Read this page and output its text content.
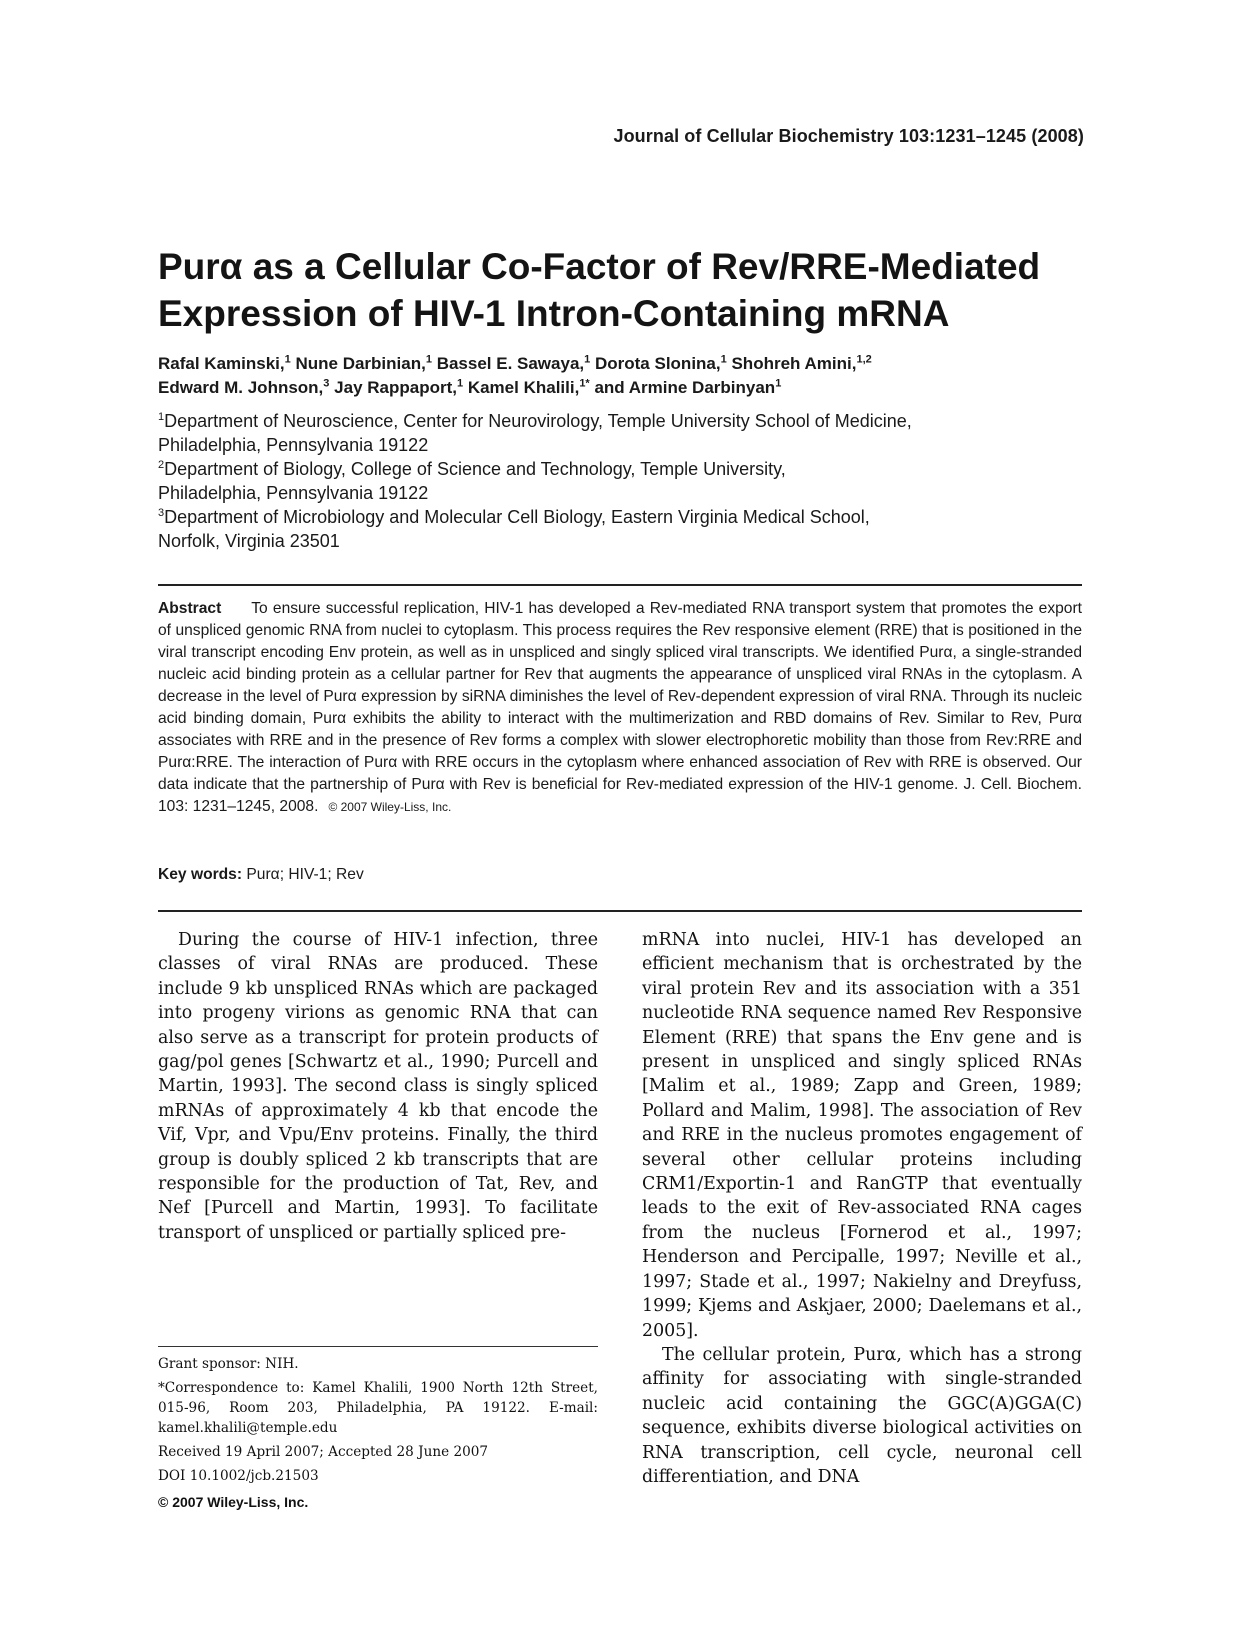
Journal of Cellular Biochemistry 103:1231–1245 (2008)
Purα as a Cellular Co-Factor of Rev/RRE-Mediated
Expression of HIV-1 Intron-Containing mRNA
Rafal Kaminski,$^1$ Nune Darbinian,$^1$ Bassel E. Sawaya,$^1$ Dorota Slonina,$^1$ Shohreh Amini,$^{1,2}$
Edward M. Johnson,$^3$ Jay Rappaport,$^1$ Kamel Khalili,$^{1*}$ and Armine Darbinyan$^1$

$^1$Department of Neuroscience, Center for Neurovirology, Temple University School of Medicine,

Philadelphia, Pennsylvania 19122

$^2$Department of Biology, College of Science and Technology, Temple University,

Philadelphia, Pennsylvania 19122

$^3$Department of Microbiology and Molecular Cell Biology, Eastern Virginia Medical School,

Norfolk, Virginia 23501

Abstract To ensure successful replication, HIV-1 has developed a Rev-mediated RNA transport system that promotes the export of unspliced genomic RNA from nuclei to cytoplasm. This process requires the Rev responsive element (RRE) that is positioned in the viral transcript encoding Env protein, as well as in unspliced and singly spliced viral transcripts. We identified Purα, a single-stranded nucleic acid binding protein as a cellular partner for Rev that augments the appearance of unspliced viral RNAs in the cytoplasm. A decrease in the level of Purα expression by siRNA diminishes the level of Rev-dependent expression of viral RNA. Through its nucleic acid binding domain, Purα exhibits the ability to interact with the multimerization and RBD domains of Rev. Similar to Rev, Purα associates with RRE and in the presence of Rev forms a complex with slower electrophoretic mobility than those from Rev:RRE and Purα:RRE. The interaction of Purα with RRE occurs in the cytoplasm where enhanced association of Rev with RRE is observed. Our data indicate that the partnership of Purα with Rev is beneficial for Rev-mediated expression of the HIV-1 genome. J. Cell. Biochem. 103: 1231–1245, 2008. © 2007 Wiley-Liss, Inc.
Key words: Purα; HIV-1; Rev

During the course of HIV-1 infection, three classes of viral RNAs are produced. These include 9 kb unspliced RNAs which are packaged into progeny virions as genomic RNA that can also serve as a transcript for protein products of gag/pol genes [Schwartz et al., 1990; Purcell and Martin, 1993]. The second class is singly spliced mRNAs of approximately 4 kb that encode the Vif, Vpr, and Vpu/Env proteins. Finally, the third group is doubly spliced 2 kb transcripts that are responsible for the production of Tat, Rev, and Nef [Purcell and Martin, 1993]. To facilitate transport of unspliced or partially spliced pre-

mRNA into nuclei, HIV-1 has developed an efficient mechanism that is orchestrated by the viral protein Rev and its association with a 351 nucleotide RNA sequence named Rev Responsive Element (RRE) that spans the Env gene and is present in unspliced and singly spliced RNAs [Malim et al., 1989; Zapp and Green, 1989; Pollard and Malim, 1998]. The association of Rev and RRE in the nucleus promotes engagement of several other cellular proteins including CRM1/Exportin-1 and RanGTP that eventually leads to the exit of Rev-associated RNA cages from the nucleus [Fornerod et al., 1997; Henderson and Percipalle, 1997; Neville et al., 1997; Stade et al., 1997; Nakielny and Dreyfuss, 1999; Kjems and Askjaer, 2000; Daelemans et al., 2005].

The cellular protein, Purα, which has a strong affinity for associating with single-stranded nucleic acid containing the GGC(A)GGA(C) sequence, exhibits diverse biological activities on RNA transcription, cell cycle, neuronal cell differentiation, and DNA

Grant sponsor: NIH.

*Correspondence to: Kamel Khalili, 1900 North 12th Street, 015-96, Room 203, Philadelphia, PA 19122. E-mail: kamel.khalili@temple.edu

Received 19 April 2007; Accepted 28 June 2007

DOI 10.1002/jcb.21503

© 2007 Wiley-Liss, Inc.
